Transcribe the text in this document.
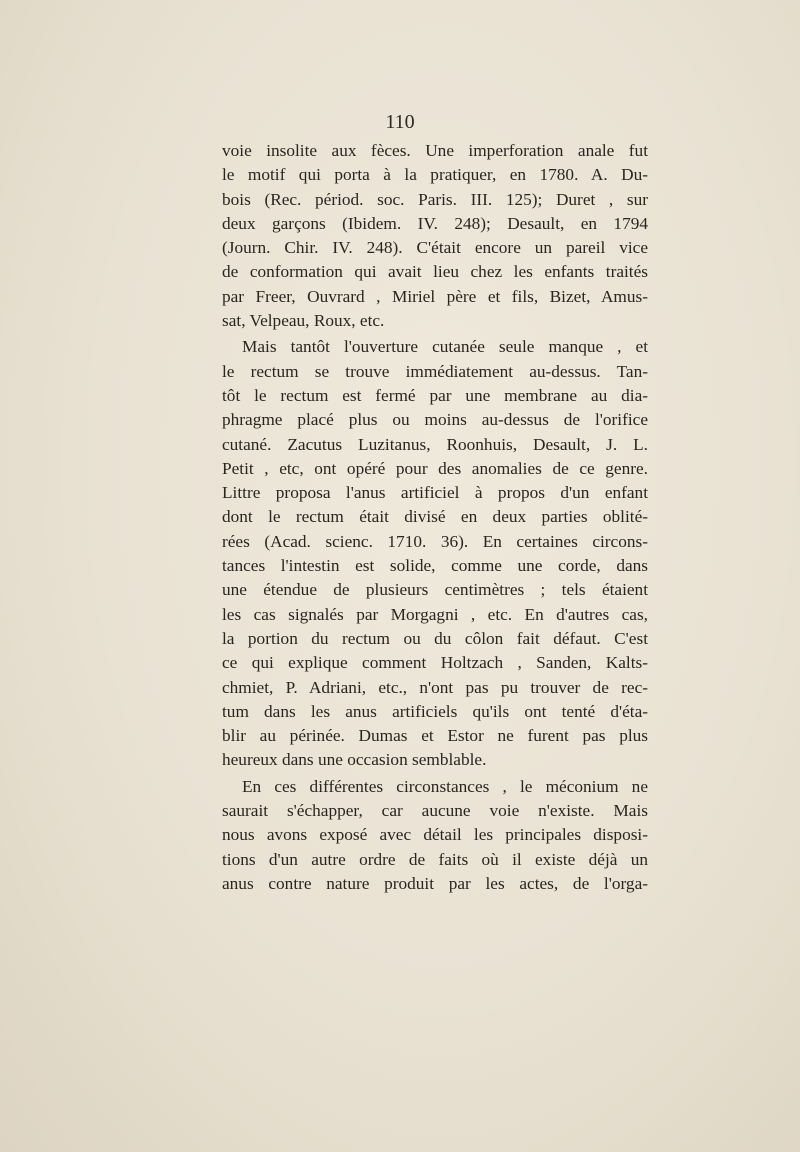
110
voie insolite aux fèces. Une imperforation anale fut
le motif qui porta à la pratiquer, en 1780. A. Du-
bois (Rec. périod. soc. Paris. III. 125); Duret , sur
deux garçons (Ibidem. IV. 248); Desault, en 1794
(Journ. Chir. IV. 248). C'était encore un pareil vice
de conformation qui avait lieu chez les enfants traités
par Freer, Ouvrard , Miriel père et fils, Bizet, Amus-
sat, Velpeau, Roux, etc.
Mais tantôt l'ouverture cutanée seule manque , et
le rectum se trouve immédiatement au-dessus. Tan-
tôt le rectum est fermé par une membrane au dia-
phragme placé plus ou moins au-dessus de l'orifice
cutané. Zacutus Luzitanus, Roonhuis, Desault, J. L.
Petit , etc, ont opéré pour des anomalies de ce genre.
Littre proposa l'anus artificiel à propos d'un enfant
dont le rectum était divisé en deux parties oblité-
rées (Acad. scienc. 1710. 36). En certaines circons-
tances l'intestin est solide, comme une corde, dans
une étendue de plusieurs centimètres ; tels étaient
les cas signalés par Morgagni , etc. En d'autres cas,
la portion du rectum ou du côlon fait défaut. C'est
ce qui explique comment Holtzach , Sanden, Kalts-
chmiet, P. Adriani, etc., n'ont pas pu trouver de rec-
tum dans les anus artificiels qu'ils ont tenté d'éta-
blir au périnée. Dumas et Estor ne furent pas plus
heureux dans une occasion semblable.
En ces différentes circonstances , le méconium ne
saurait s'échapper, car aucune voie n'existe. Mais
nous avons exposé avec détail les principales disposi-
tions d'un autre ordre de faits où il existe déjà un
anus contre nature produit par les actes, de l'orga-
